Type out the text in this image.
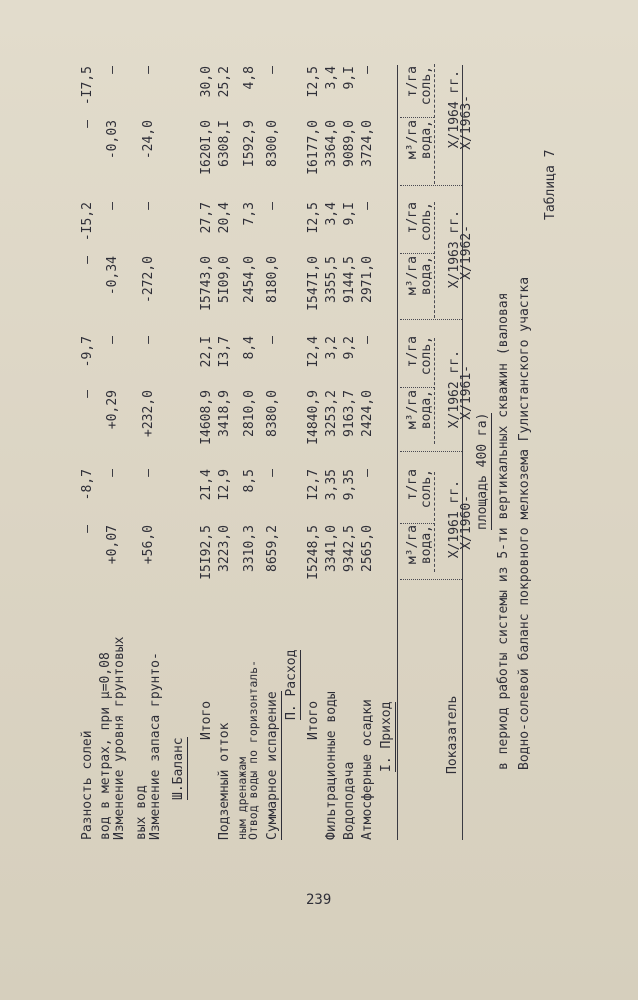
Таблица 7
Водно-солевой баланс покровного мелкозема Гулистанского участка
в период работы системы из 5-ти вертикальных скважин (валовая
площадь 400 га)
Показатель
X/1960-
X/1961 гг.
вода,
соль,
м³/га
т/га
X/1961-
X/1962 гг.
вода,
соль,
м³/га
т/га
X/1962-
X/1963 гг.
вода,
соль,
м³/га
т/га
X/1963-
X/1964 гг.
вода,
соль,
м³/га
т/га
I. Приход
Атмосферные осадки
Водоподача
Фильтрационные воды
Итого
П. Расход
Суммарное испарение
Отвод воды по горизонталь-
ным дренажам
Подземный отток
Итого
Ш.Баланс
Изменение запаса грунто-
вых вод
Изменение уровня грунтовых
вод в метрах, при μ=0,08
Разность солей
2565,0
—
2424,0
—
2971,0
—
3724,0
—
9342,5
9,35
9163,7
9,2
9144,5
9,I
9089,0
9,I
3341,0
3,35
3253,2
3,2
3355,5
3,4
3364,0
3,4
I5248,5
I2,7
I4840,9
I2,4
I547I,0
I2,5
I6177,0
I2,5
8659,2
—
8380,0
—
8180,0
—
8300,0
—
3310,3
8,5
2810,0
8,4
2454,0
7,3
I592,9
4,8
3223,0
I2,9
3418,9
I3,7
5I09,0
20,4
6308,I
25,2
I5I92,5
2I,4
I4608,9
22,I
I5743,0
27,7
I620I,0
30,0
+56,0
—
+232,0
—
-272,0
—
-24,0
—
+0,07
—
+0,29
—
-0,34
—
-0,03
—
—
-8,7
—
-9,7
—
-I5,2
—
-I7,5
239
